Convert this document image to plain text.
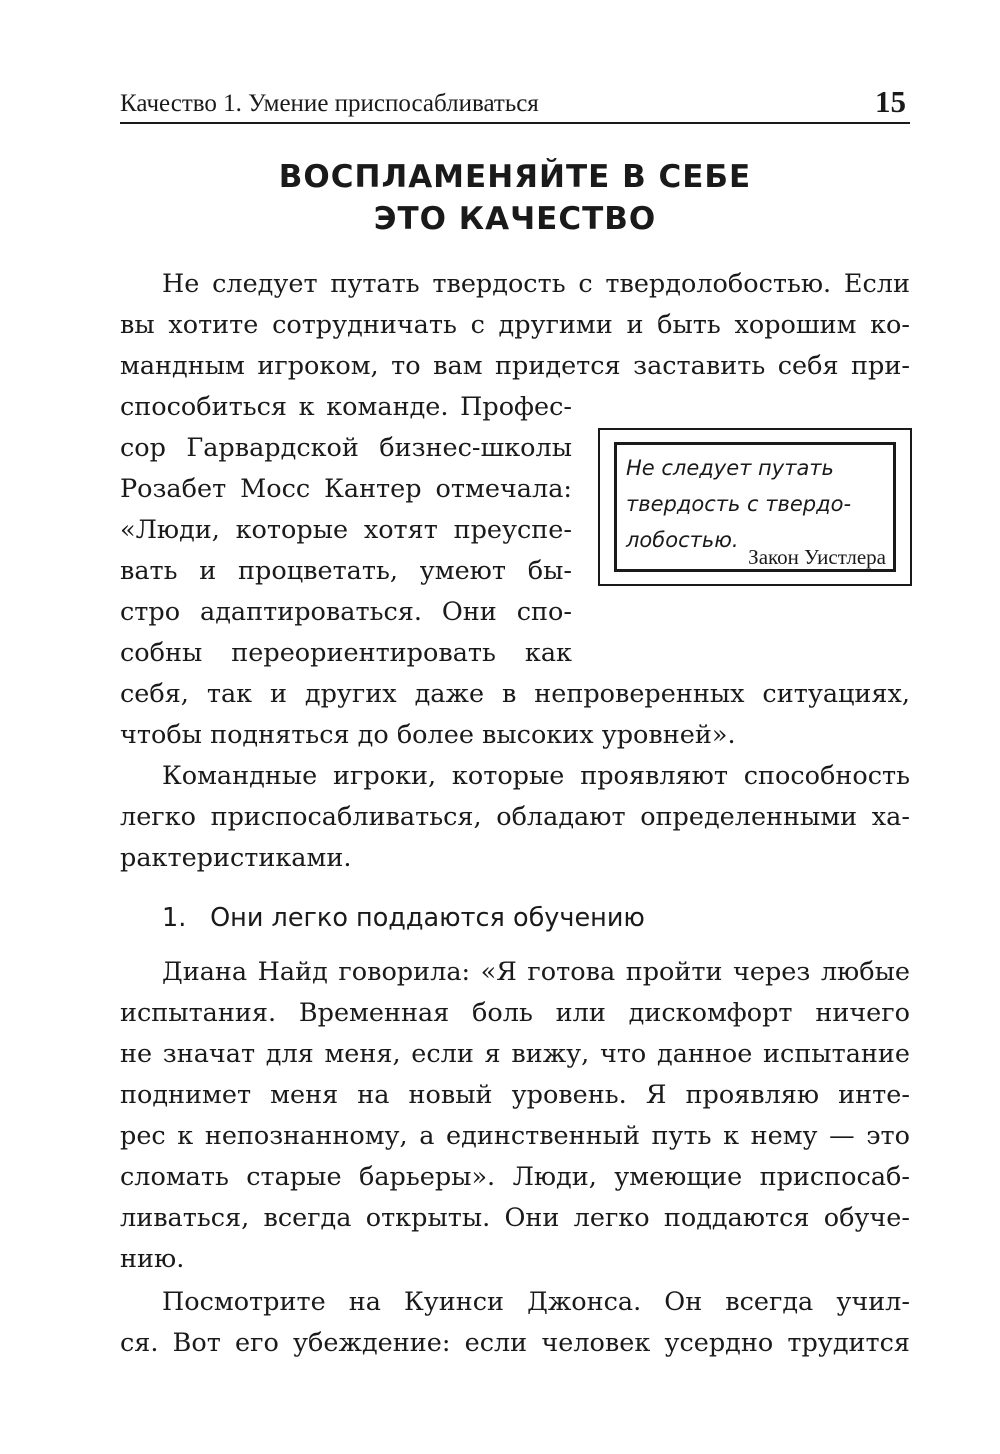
Качество 1. Умение приспосабливаться	15
ВОСПЛАМЕНЯЙТЕ В СЕБЕ
ЭТО КАЧЕСТВО
Не следует путать твердость с твердолобостью. Если
вы хотите сотрудничать с другими и быть хорошим ко-
мандным игроком, то вам придется заставить себя при-
способиться к команде. Профес-
сор Гарвардской бизнес-школы
Розабет Мосс Кантер отмечала:
«Люди, которые хотят преуспе-
вать и процветать, умеют бы-
стро адаптироваться. Они спо-
собны переориентировать как
себя, так и других даже в непроверенных ситуациях,
чтобы подняться до более высоких уровней».
Не следует путать
твердость с твердо-
лобостью.
Закон Уистлера
Командные игроки, которые проявляют способность
легко приспосабливаться, обладают определенными ха-
рактеристиками.
1. Они легко поддаются обучению
Диана Найд говорила: «Я готова пройти через любые
испытания. Временная боль или дискомфорт ничего
не значат для меня, если я вижу, что данное испытание
поднимет меня на новый уровень. Я проявляю инте-
рес к непознанному, а единственный путь к нему — это
сломать старые барьеры». Люди, умеющие приспосаб-
ливаться, всегда открыты. Они легко поддаются обуче-
нию.
Посмотрите на Куинси Джонса. Он всегда учил-
ся. Вот его убеждение: если человек усердно трудится
